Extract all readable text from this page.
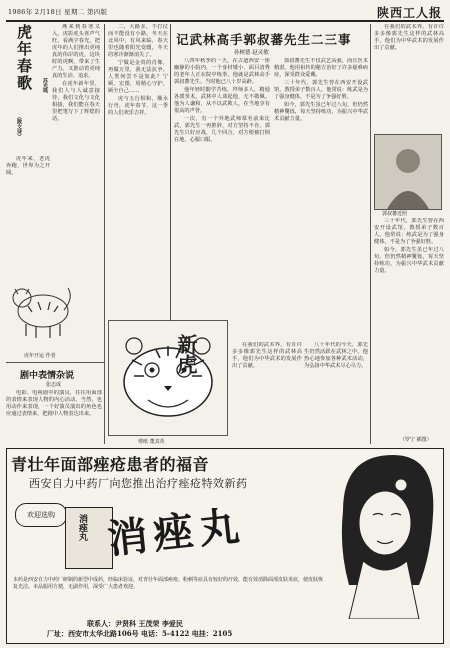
1986年 2月18日 星期二 第四版	陕西工人报
虎年春歌
（散文诗）
苏光鸣

燕来到春寒又入，虎影虎头喜声气旺。看满宇春光，把虎年的人们推出更纯真的伟岸的虎，这块时的虎啊，带来了生产力，又推动着更纯真的生活、追求。

在虎年新年里，我们人与人诚意接待，我们文化与文化相接，我们能在春天里把笔写下了辉煌的话。

虎年来，老虎奔跑，世界为之开阔。

虎年开运 作者
剧中表情杂说
张志成

电影、电视剧中的演员，往往用面部的表情来表现人物的内心活动。当然，也用动作来表现，一个好演员演出的角色也应通过表情来，把剧中人物表达出来。

二，大路多，不打仗而不能没有小路。冬天在北风中，有风来临，春天里也随着阳光变暖，冬天的寒冷渐渐消失了。

宁做是金贵的肖像，再做万里，我无法抗争。人类何尝不是如此？宁顾，宏图，用精心守护，顾全自己……

虎与五行相和，顺水行舟，虎年春节，这一季的人们欢乐吉祥。

记武林高手郭叔蕃先生二三事
孙树德 赵灵敏

八四年秋季的一天，在古道西安一座幽静的小院内，一个身材矮小、面目清秀的老年人正在院中练拳，他就是武林高手郭叔蕃先生。当时他已八十岁高龄。

他年轻时勤学苦练，拜师多人，精通各派拳术。武林中人谈起他，无不敬佩。他为人谦和，从不以武欺人，在当地享有很高的声誉。

一次，有一个外地武师慕名前来比武，郭先生一再推辞，对方坚持不肯。郭先生只好应战，几个回合，对方便被打倒在地，心服口服。

郭叔蕃先生不仅武艺高强，而且医术精湛。他用祖传的秘方治好了许多疑难病症，深受群众爱戴。

三十年代，郭先生曾在西安开设武馆，教授弟子数百人。他常说：练武是为了强身健体，不是为了争强好胜。

如今，郭先生虽已年过八旬，但仍然精神矍铄，每天坚持练功，为振兴中华武术贡献力量。

剪纸 董其英
新虎	在我们的武术界，有许许多多像郭先生这样的武林高手，他们为中华武术的发展作出了贡献。

八十年代的今天，郭先生仍然活跃在武林之中。他热心地参加各种武术活动，为弘扬中华武术尽心尽力。

（罗宁 插图）
郭叔蕃近照

在我们的武术界，有许许多多像郭先生这样的武林高手，他们为中华武术的发展作出了贡献。

三十年代，郭先生曾在西安开设武馆，教授弟子数百人。他常说：练武是为了强身健体，不是为了争强好胜。

如今，郭先生虽已年过八旬，但仍然精神矍铄，每天坚持练功，为振兴中华武术贡献力量。

青壮年面部痤疮患者的福音
西安自力中药厂向您推出治疗痤疮特效新药
欢迎选购	消痤丸 消痤丸
本药是西安自力中药厂研制的新型中成药，经临床验证，对青壮年面部痤疮、粉刺等症具有较好的疗效，能有效消除面部皮肤炎症，使皮肤恢复光洁。本品服用方便，无副作用，深受广大患者欢迎。
联系人：尹贤科 王茂荣 李爱民
厂址：西安市太华北路106号 电话：5-4122 电挂：2105
